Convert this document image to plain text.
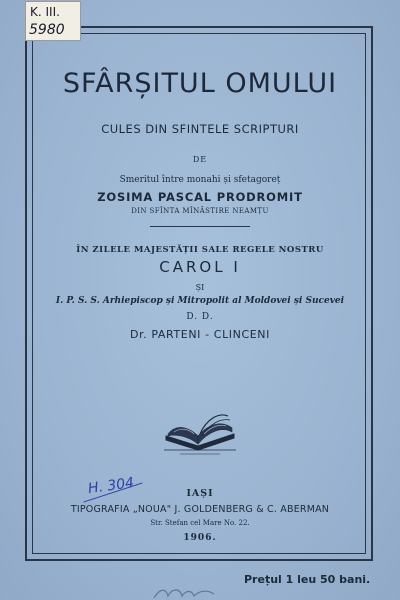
K. III.
5980
SFÂRȘITUL OMULUI
CULES DIN SFINTELE SCRIPTURI
DE
Smeritul între monahi și sfetagoreț
ZOSIMA PASCAL PRODROMIT
DIN SFÎNTA MÎNĂSTIRE NEAMȚU
ÎN ZILELE MAJESTĂȚII SALE REGELE NOSTRU
CAROL I
ȘI
I. P. S. S. Arhiepiscop și Mitropolit al Moldovei și Sucevei
D. D.
Dr. PARTENI - CLINCENI
H. 304	IAȘI
TIPOGRAFIA „NOUA" J. GOLDENBERG & C. ABERMAN
Str. Stefan cel Mare No. 22.
1906.
Prețul 1 leu 50 bani.
